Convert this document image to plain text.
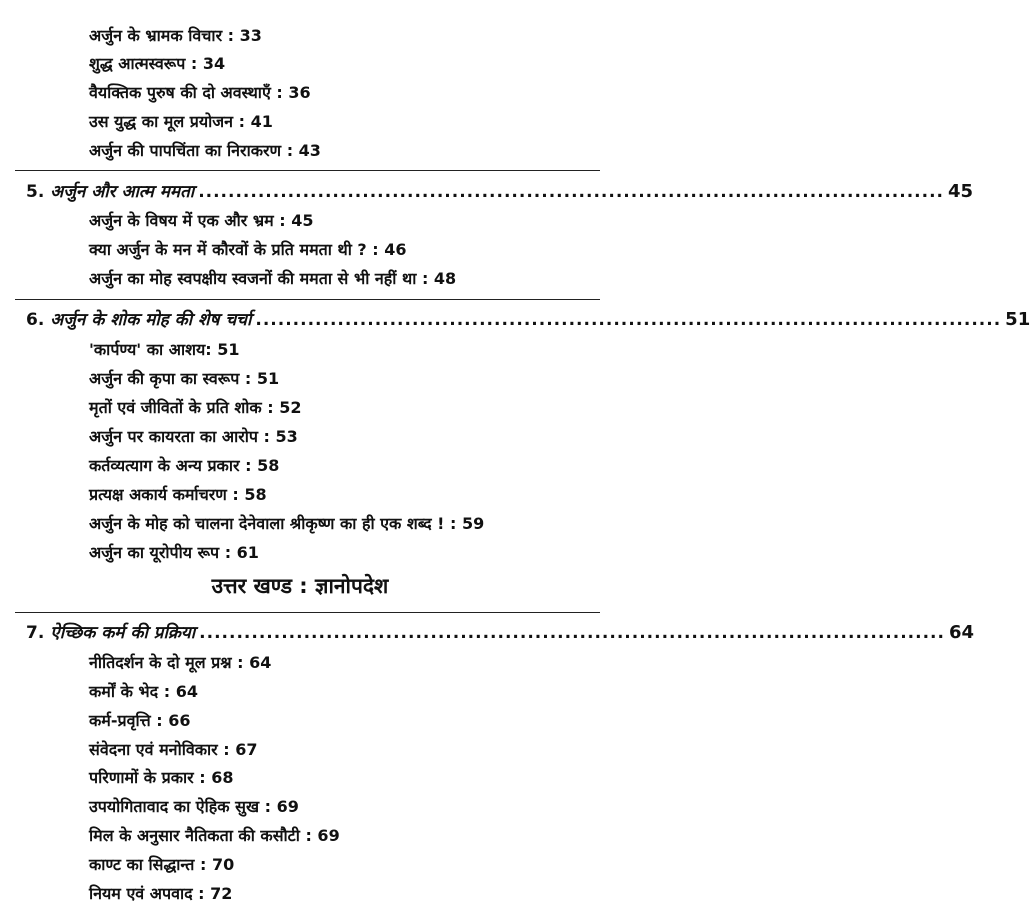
अर्जुन के भ्रामक विचार : 33
शुद्ध आत्मस्वरूप : 34
वैयक्तिक पुरुष की दो अवस्थाएँ : 36
उस युद्ध का मूल प्रयोजन : 41
अर्जुन की पापचिंता का निराकरण : 43
5. अर्जुन और आत्म ममता .................................................................................................... 45
अर्जुन के विषय में एक और भ्रम : 45
क्या अर्जुन के मन में कौरवों के प्रति ममता थी ? : 46
अर्जुन का मोह स्वपक्षीय स्वजनों की ममता से भी नहीं था : 48
6. अर्जुन के शोक मोह की शेष चर्चा .................................................................................................... 51
'कार्पण्य' का आशय: 51
अर्जुन की कृपा का स्वरूप : 51
मृतों एवं जीवितों के प्रति शोक : 52
अर्जुन पर कायरता का आरोप : 53
कर्तव्यत्याग के अन्य प्रकार : 58
प्रत्यक्ष अकार्य कर्माचरण : 58
अर्जुन के मोह को चालना देनेवाला श्रीकृष्ण का ही एक शब्द ! : 59
अर्जुन का यूरोपीय रूप : 61
उत्तर खण्ड : ज्ञानोपदेश
7. ऐच्छिक कर्म की प्रक्रिया .................................................................................................... 64
नीतिदर्शन के दो मूल प्रश्न : 64
कर्मों के भेद : 64
कर्म-प्रवृत्ति : 66
संवेदना एवं मनोविकार : 67
परिणामों के प्रकार : 68
उपयोगितावाद का ऐहिक सुख : 69
मिल के अनुसार नैतिकता की कसौटी : 69
काण्ट का सिद्धान्त : 70
नियम एवं अपवाद : 72
